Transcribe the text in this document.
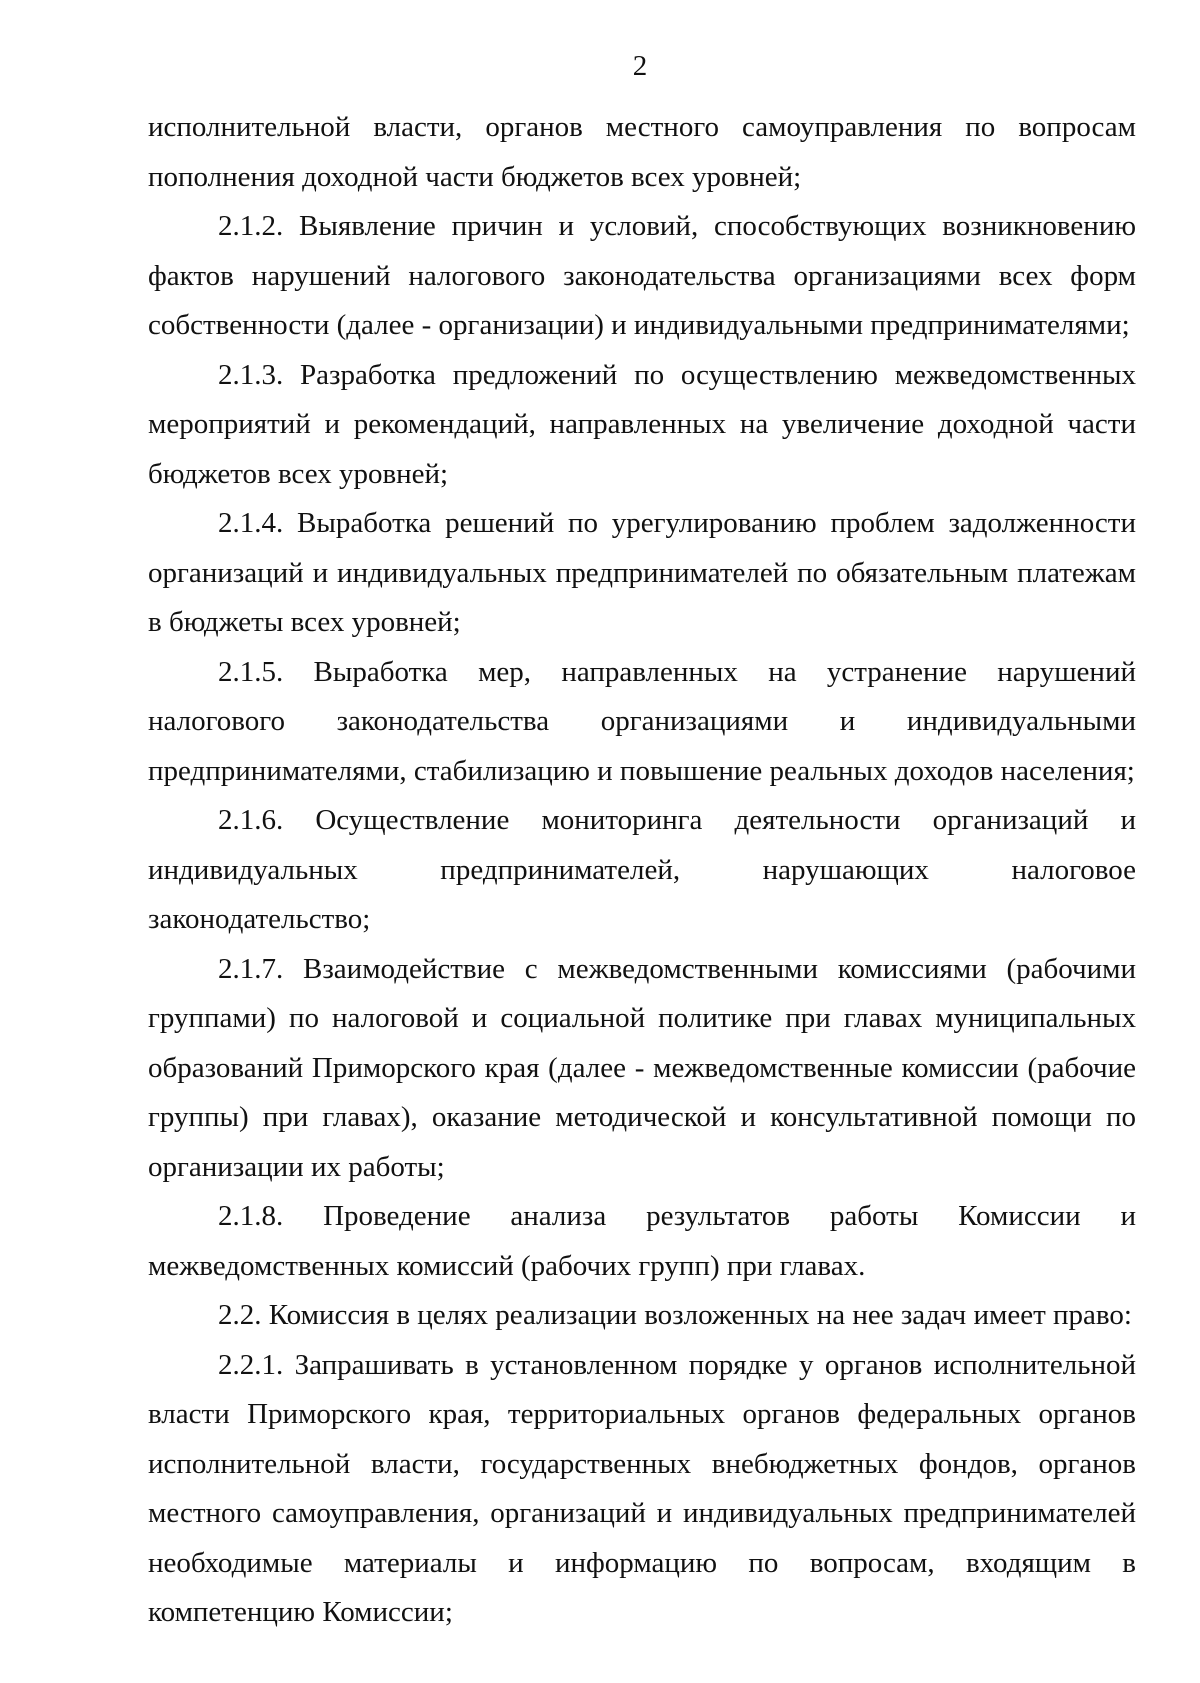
2

исполнительной власти, органов местного самоуправления по вопросам пополнения доходной части бюджетов всех уровней;

2.1.2. Выявление причин и условий, способствующих возникновению фактов нарушений налогового законодательства организациями всех форм собственности (далее - организации) и индивидуальными предпринимателями;

2.1.3. Разработка предложений по осуществлению межведомственных мероприятий и рекомендаций, направленных на увеличение доходной части бюджетов всех уровней;

2.1.4. Выработка решений по урегулированию проблем задолженности организаций и индивидуальных предпринимателей по обязательным платежам в бюджеты всех уровней;

2.1.5. Выработка мер, направленных на устранение нарушений налогового законодательства организациями и индивидуальными предпринимателями, стабилизацию и повышение реальных доходов населения;

2.1.6. Осуществление мониторинга деятельности организаций и индивидуальных предпринимателей, нарушающих налоговое законодательство;

2.1.7. Взаимодействие с межведомственными комиссиями (рабочими группами) по налоговой и социальной политике при главах муниципальных образований Приморского края (далее - межведомственные комиссии (рабочие группы) при главах), оказание методической и консультативной помощи по организации их работы;

2.1.8. Проведение анализа результатов работы Комиссии и межведомственных комиссий (рабочих групп) при главах.

2.2. Комиссия в целях реализации возложенных на нее задач имеет право:

2.2.1. Запрашивать в установленном порядке у органов исполнительной власти Приморского края, территориальных органов федеральных органов исполнительной власти, государственных внебюджетных фондов, органов местного самоуправления, организаций и индивидуальных предпринимателей необходимые материалы и информацию по вопросам, входящим в компетенцию Комиссии;
